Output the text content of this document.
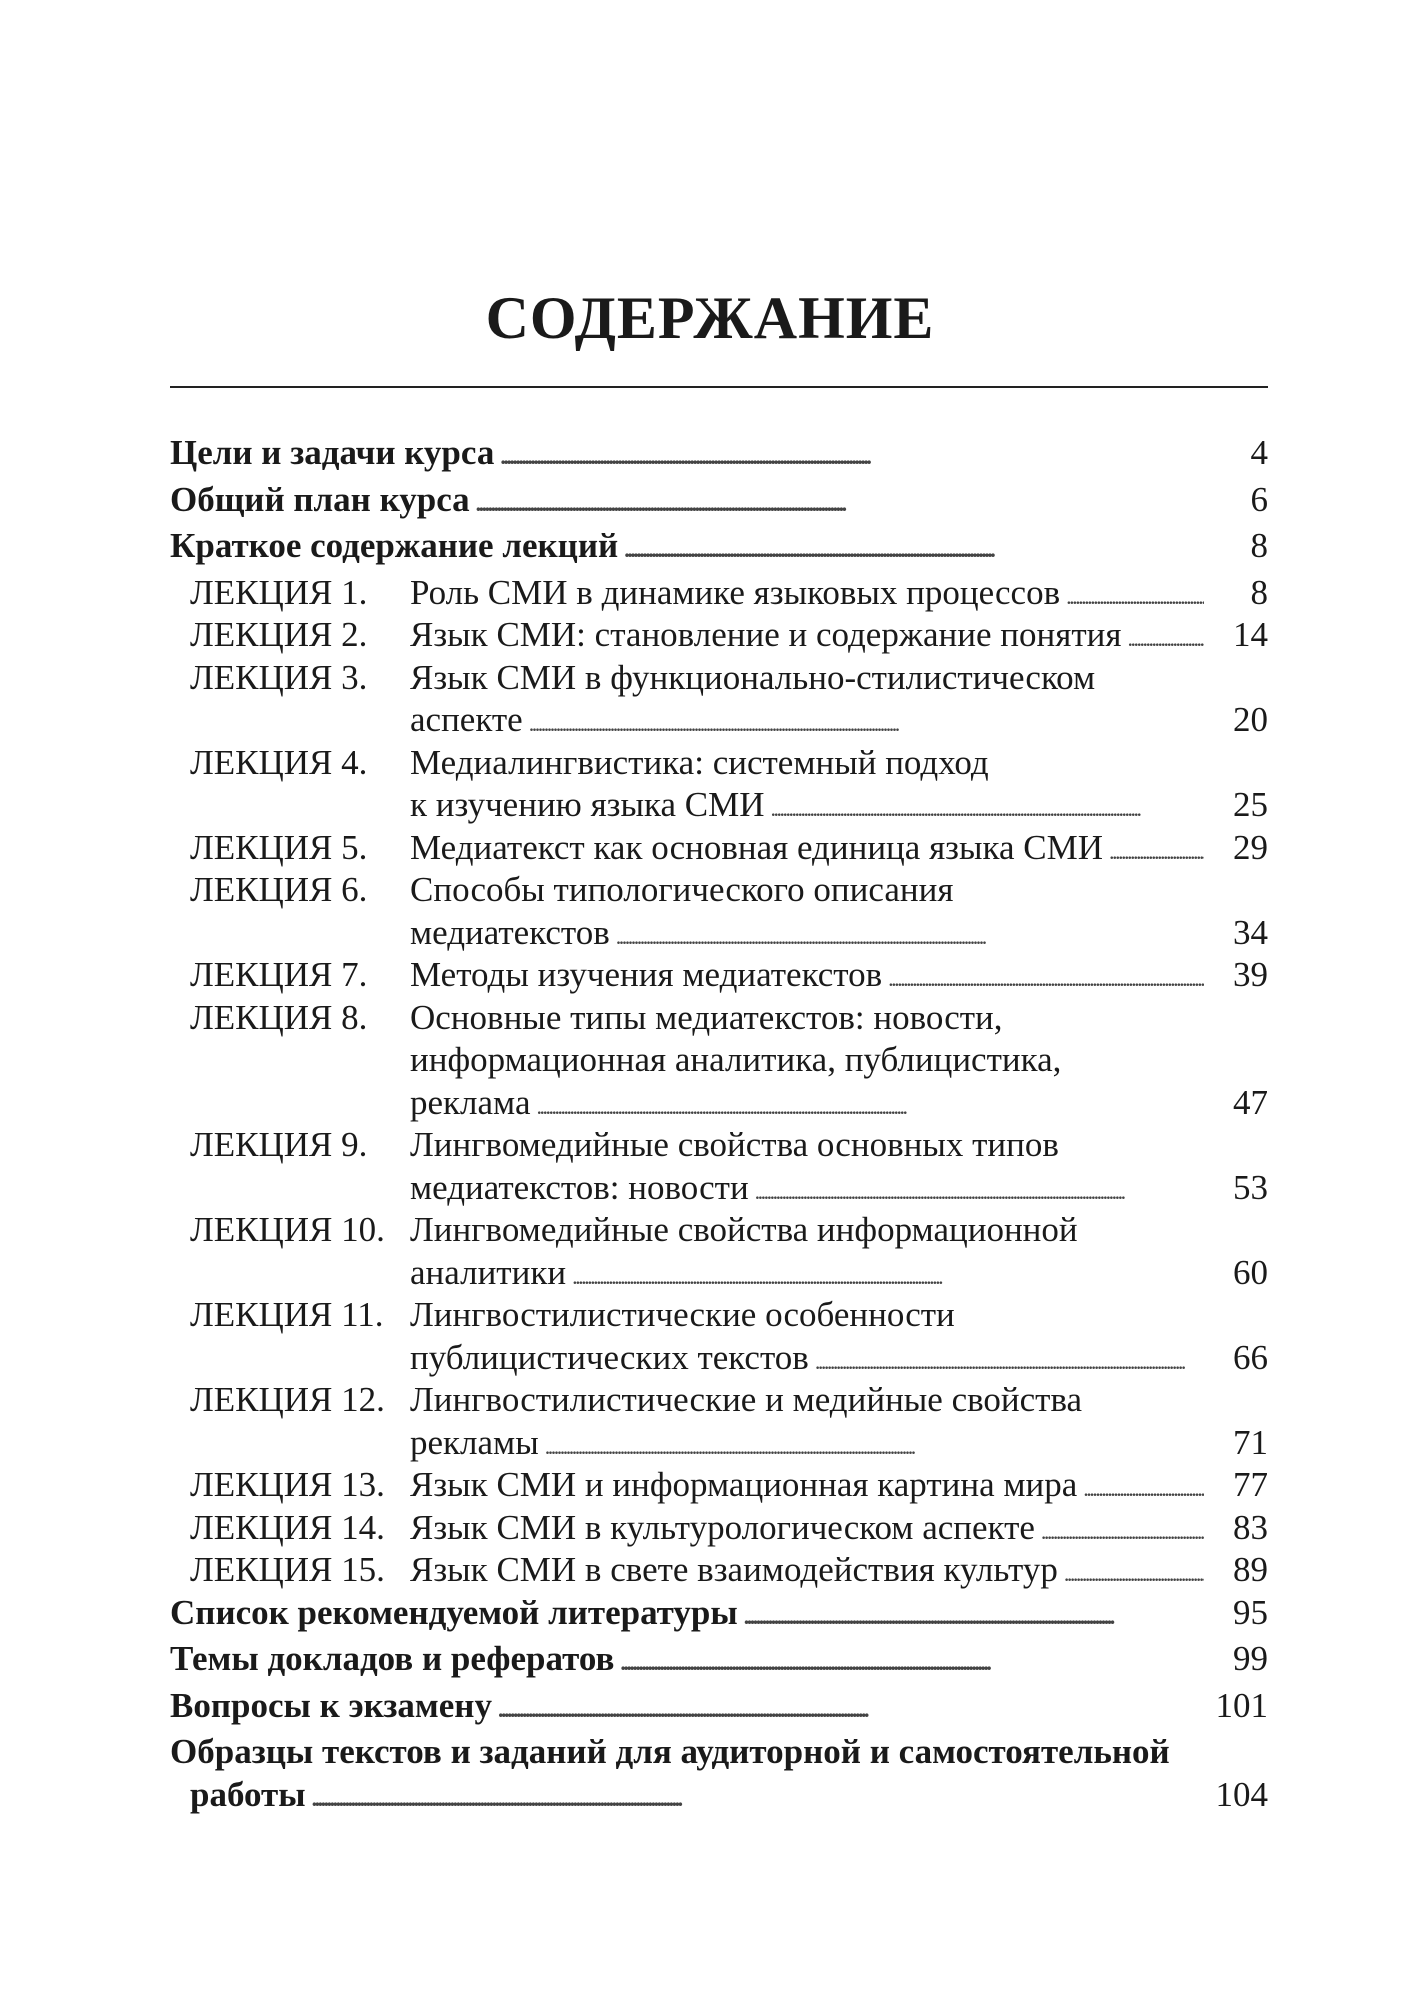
СОДЕРЖАНИЕ
Цели и задачи курса . . .	4
Общий план курса . . .	6
Краткое содержание лекций . . .	8
ЛЕКЦИЯ 1.	Роль СМИ в динамике языковых процессов . . .	8
ЛЕКЦИЯ 2.	Язык СМИ: становление и содержание понятия . . .	14
ЛЕКЦИЯ 3.	Язык СМИ в функционально-стилистическом
аспекте . . .	20
ЛЕКЦИЯ 4.	Медиалингвистика: системный подход
к изучению языка СМИ . . .	25
ЛЕКЦИЯ 5.	Медиатекст как основная единица языка СМИ . . .	29
ЛЕКЦИЯ 6.	Способы типологического описания
медиатекстов . . .	34
ЛЕКЦИЯ 7.	Методы изучения медиатекстов . . .	39
ЛЕКЦИЯ 8.	Основные типы медиатекстов: новости,
информационная аналитика, публицистика,
реклама . . .	47
ЛЕКЦИЯ 9.	Лингвомедийные свойства основных типов
медиатекстов: новости . . .	53
ЛЕКЦИЯ 10. Лингвомедийные свойства информационной
аналитики . . .	60
ЛЕКЦИЯ 11. Лингвостилистические особенности
публицистических текстов . . .	66
ЛЕКЦИЯ 12. Лингвостилистические и медийные свойства
рекламы . . .	71
ЛЕКЦИЯ 13. Язык СМИ и информационная картина мира . . .	77
ЛЕКЦИЯ 14. Язык СМИ в культурологическом аспекте . . .	83
ЛЕКЦИЯ 15. Язык СМИ в свете взаимодействия культур . . .	89
Список рекомендуемой литературы . . .	95
Темы докладов и рефератов . . .	99
Вопросы к экзамену . . .	101
Образцы текстов и заданий для аудиторной и самостоятельной
работы . . .	104
